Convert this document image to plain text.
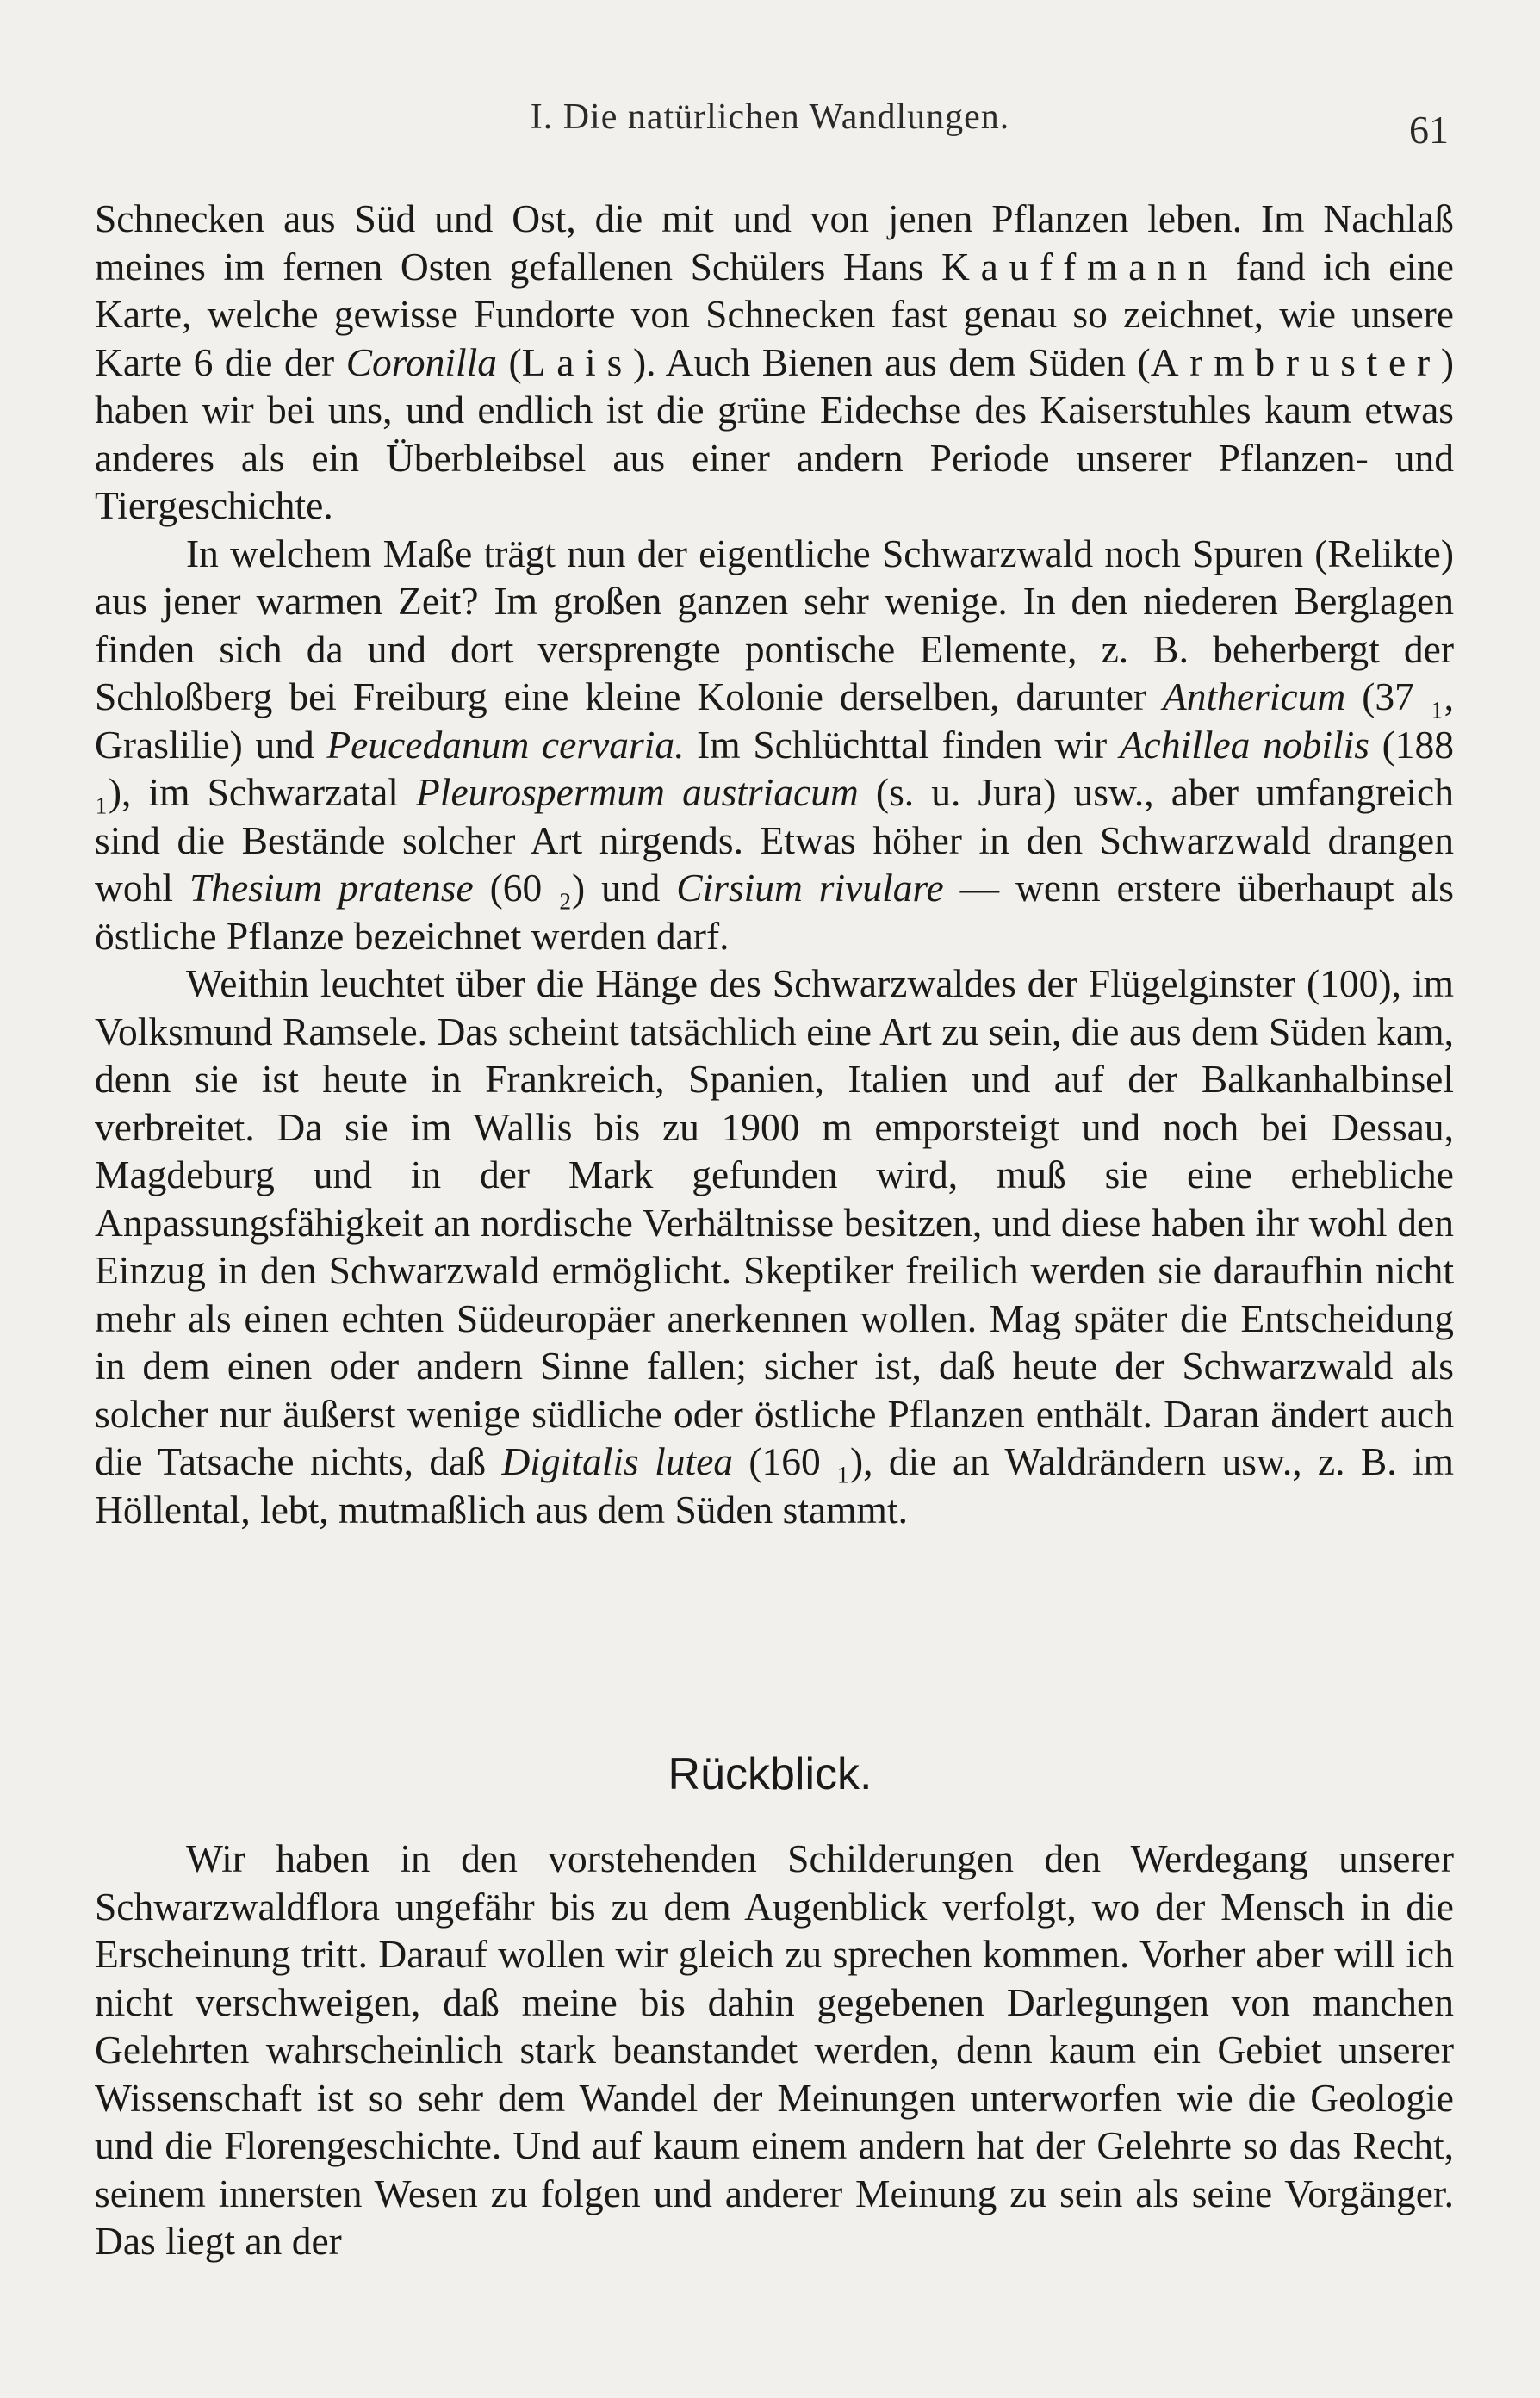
I. Die natürlichen Wandlungen.	61

Schnecken aus Süd und Ost, die mit und von jenen Pflanzen leben. Im Nachlaß meines im fernen Osten gefallenen Schülers Hans Kauffmann fand ich eine Karte, welche gewisse Fundorte von Schnecken fast genau so zeichnet, wie unsere Karte 6 die der Coronilla (Lais). Auch Bienen aus dem Süden (Armbruster) haben wir bei uns, und endlich ist die grüne Eidechse des Kaiserstuhles kaum etwas anderes als ein Überbleibsel aus einer andern Periode unserer Pflanzen- und Tiergeschichte.

In welchem Maße trägt nun der eigentliche Schwarzwald noch Spuren (Relikte) aus jener warmen Zeit? Im großen ganzen sehr wenige. In den niederen Berglagen finden sich da und dort versprengte pontische Elemente, z. B. beherbergt der Schloßberg bei Freiburg eine kleine Kolonie derselben, darunter Anthericum (37 ₁, Graslilie) und Peucedanum cervaria. Im Schlüchttal finden wir Achillea nobilis (188 ₁), im Schwarzatal Pleurospermum austriacum (s. u. Jura) usw., aber umfangreich sind die Bestände solcher Art nirgends. Etwas höher in den Schwarzwald drangen wohl Thesium pratense (60 ₂) und Cirsium rivulare — wenn erstere überhaupt als östliche Pflanze bezeichnet werden darf.

Weithin leuchtet über die Hänge des Schwarzwaldes der Flügelginster (100), im Volksmund Ramsele. Das scheint tatsächlich eine Art zu sein, die aus dem Süden kam, denn sie ist heute in Frankreich, Spanien, Italien und auf der Balkanhalbinsel verbreitet. Da sie im Wallis bis zu 1900 m emporsteigt und noch bei Dessau, Magdeburg und in der Mark gefunden wird, muß sie eine erhebliche Anpassungsfähigkeit an nordische Verhältnisse besitzen, und diese haben ihr wohl den Einzug in den Schwarzwald ermöglicht. Skeptiker freilich werden sie daraufhin nicht mehr als einen echten Südeuropäer anerkennen wollen. Mag später die Entscheidung in dem einen oder andern Sinne fallen; sicher ist, daß heute der Schwarzwald als solcher nur äußerst wenige südliche oder östliche Pflanzen enthält. Daran ändert auch die Tatsache nichts, daß Digitalis lutea (160 ₁), die an Waldrändern usw., z. B. im Höllental, lebt, mutmaßlich aus dem Süden stammt.

Rückblick.

Wir haben in den vorstehenden Schilderungen den Werdegang unserer Schwarzwaldflora ungefähr bis zu dem Augenblick verfolgt, wo der Mensch in die Erscheinung tritt. Darauf wollen wir gleich zu sprechen kommen. Vorher aber will ich nicht verschweigen, daß meine bis dahin gegebenen Darlegungen von manchen Gelehrten wahrscheinlich stark beanstandet werden, denn kaum ein Gebiet unserer Wissenschaft ist so sehr dem Wandel der Meinungen unterworfen wie die Geologie und die Florengeschichte. Und auf kaum einem andern hat der Gelehrte so das Recht, seinem innersten Wesen zu folgen und anderer Meinung zu sein als seine Vorgänger. Das liegt an der
